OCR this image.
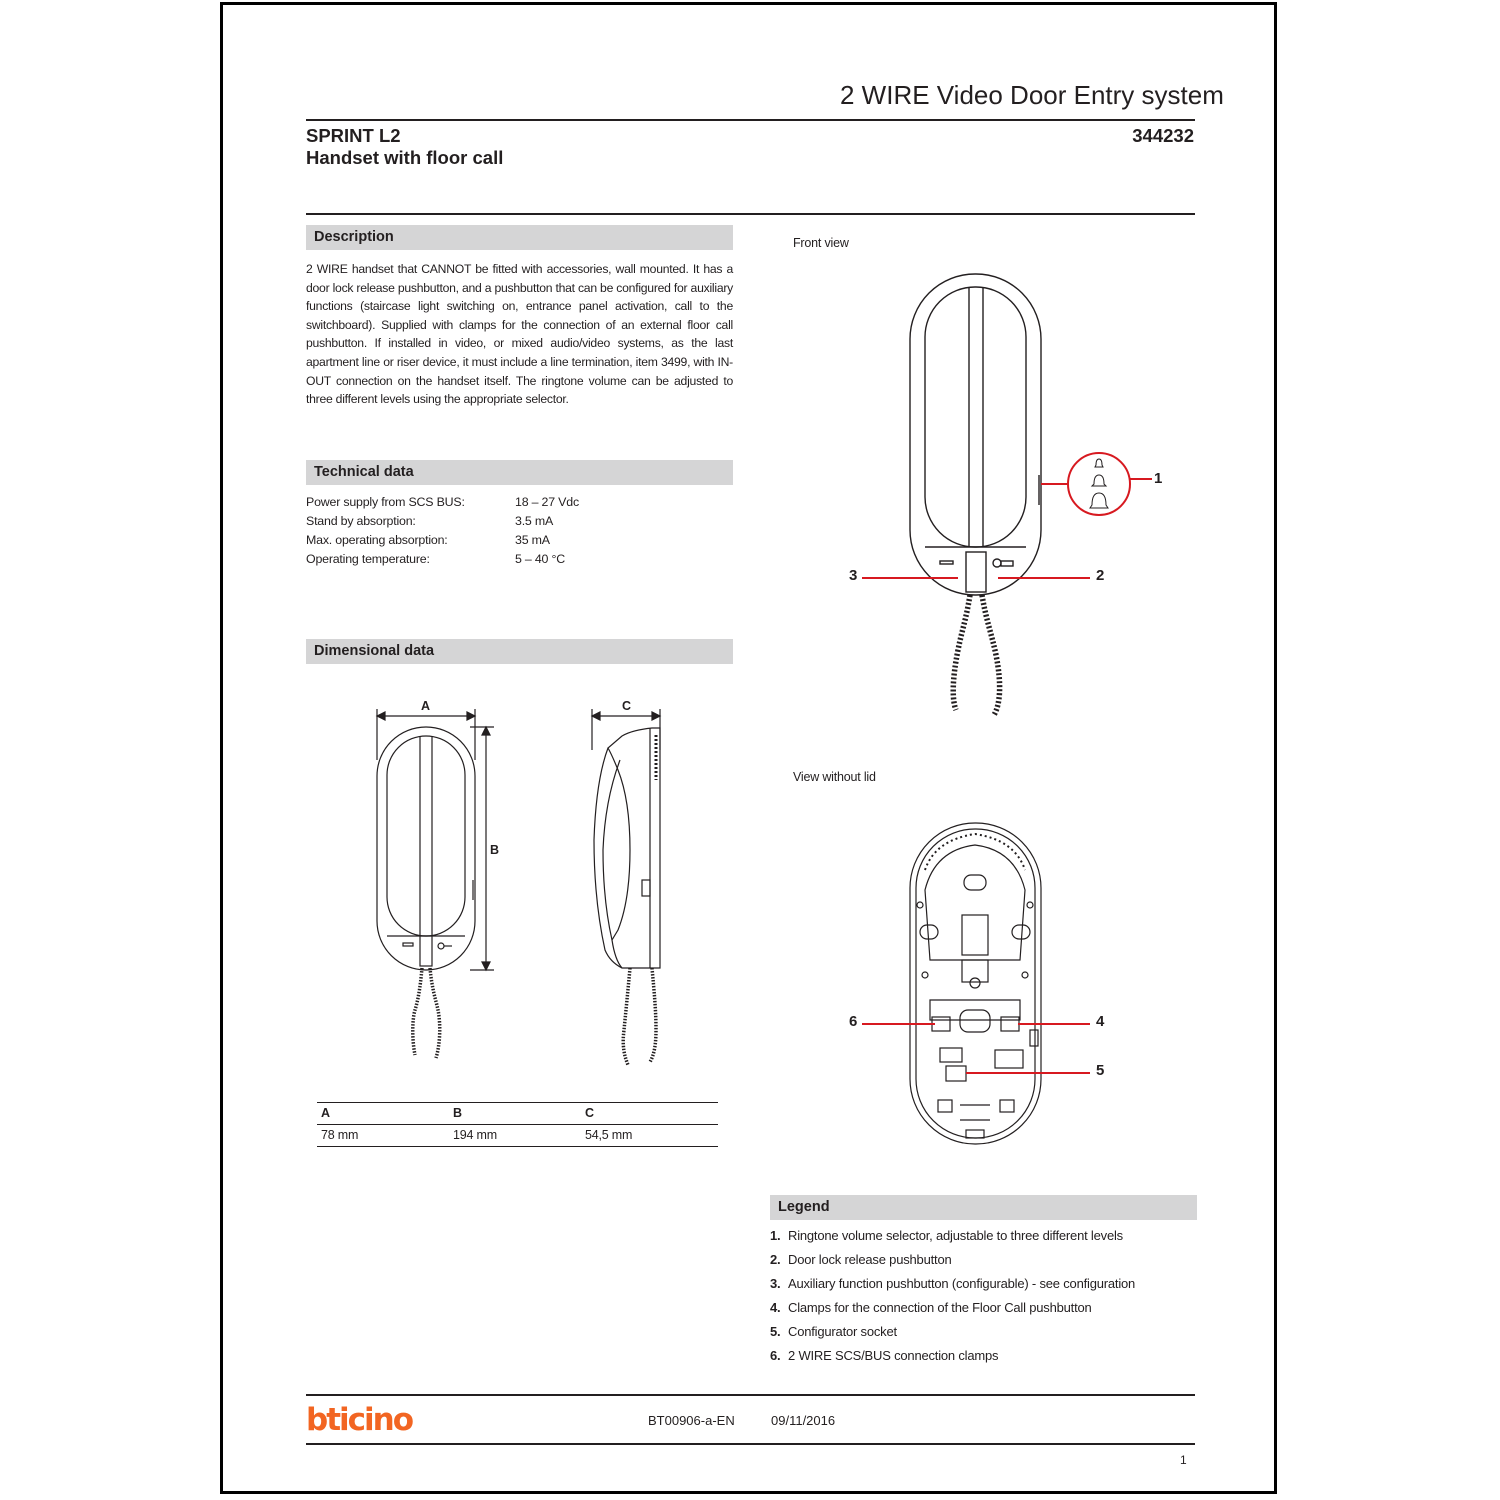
2 WIRE Video Door Entry system
SPRINT L2
Handset with floor call
344232
Description
2 WIRE handset that CANNOT be fitted with accessories, wall mounted. It has a door lock release pushbutton, and a pushbutton that can be configured for auxiliary functions (staircase light switching on, entrance panel activation, call to the switchboard). Supplied with clamps for the connection of an external floor call pushbutton. If installed in video, or mixed audio/video systems, as the last apartment line or riser device, it must include a line termination, item 3499, with IN-OUT connection on the handset itself. The ringtone volume can be adjusted to three different levels using the appropriate selector.
Technical data
Power supply from SCS BUS:	18 – 27 Vdc
Stand by absorption:	3.5 mA
Max. operating absorption:	35 mA
Operating temperature:	5 – 40 °C
Dimensional data
A
B
C
A	B	C
78 mm	194 mm	54,5 mm
Front view
1
2
3
View without lid
4
5
6
Legend
1. Ringtone volume selector, adjustable to three different levels
2. Door lock release pushbutton
3. Auxiliary function pushbutton (configurable) - see configuration
4. Clamps for the connection of the Floor Call pushbutton
5. Configurator socket
6. 2 WIRE SCS/BUS connection clamps
bticino	BT00906-a-EN	09/11/2016
1
